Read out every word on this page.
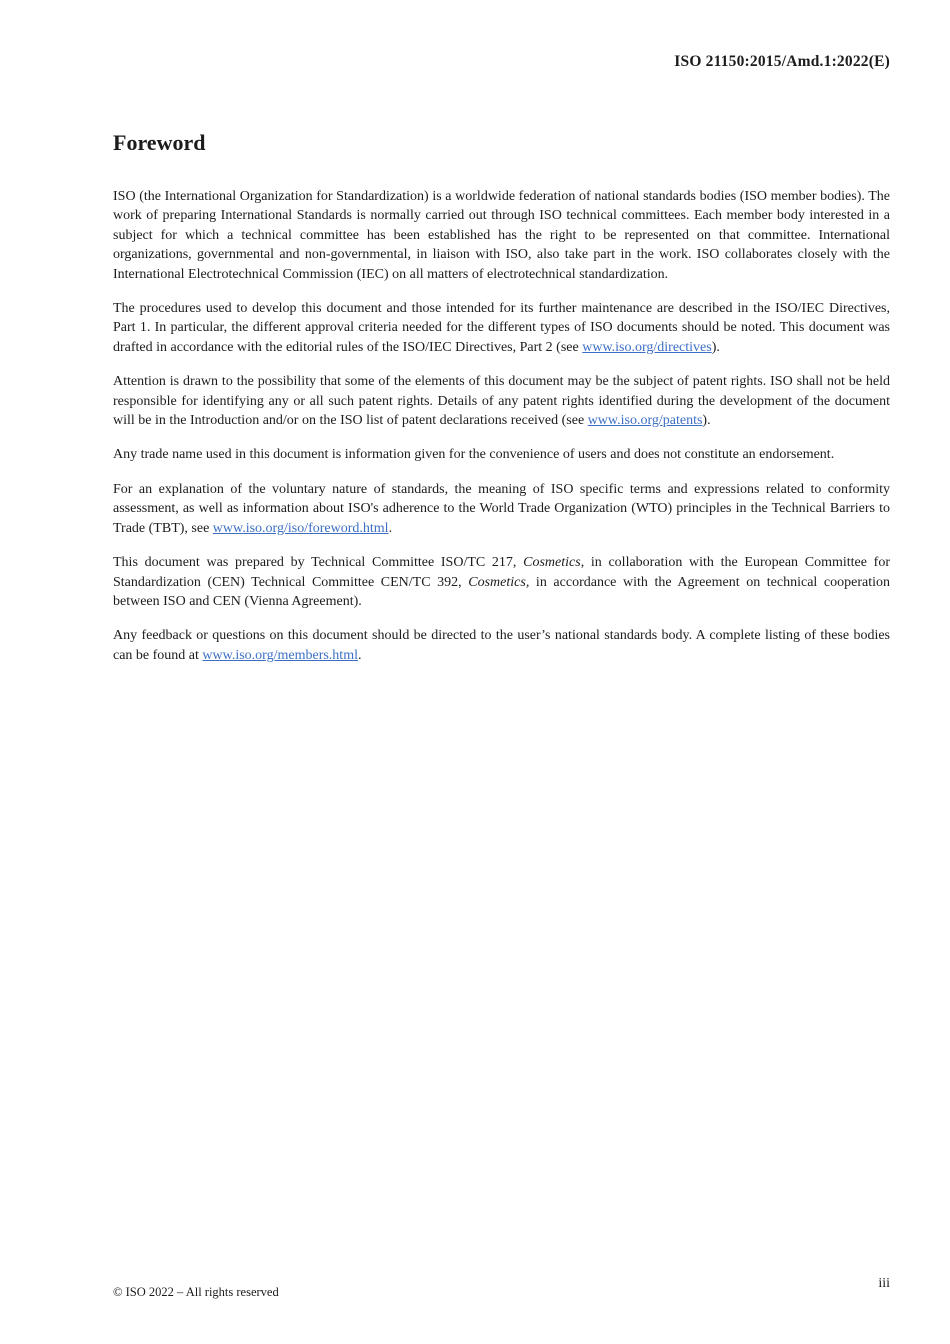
ISO 21150:2015/Amd.1:2022(E)
Foreword

ISO (the International Organization for Standardization) is a worldwide federation of national standards bodies (ISO member bodies). The work of preparing International Standards is normally carried out through ISO technical committees. Each member body interested in a subject for which a technical committee has been established has the right to be represented on that committee. International organizations, governmental and non-governmental, in liaison with ISO, also take part in the work. ISO collaborates closely with the International Electrotechnical Commission (IEC) on all matters of electrotechnical standardization.

The procedures used to develop this document and those intended for its further maintenance are described in the ISO/IEC Directives, Part 1. In particular, the different approval criteria needed for the different types of ISO documents should be noted. This document was drafted in accordance with the editorial rules of the ISO/IEC Directives, Part 2 (see www.iso.org/directives).

Attention is drawn to the possibility that some of the elements of this document may be the subject of patent rights. ISO shall not be held responsible for identifying any or all such patent rights. Details of any patent rights identified during the development of the document will be in the Introduction and/or on the ISO list of patent declarations received (see www.iso.org/patents).

Any trade name used in this document is information given for the convenience of users and does not constitute an endorsement.

For an explanation of the voluntary nature of standards, the meaning of ISO specific terms and expressions related to conformity assessment, as well as information about ISO's adherence to the World Trade Organization (WTO) principles in the Technical Barriers to Trade (TBT), see www.iso.org/iso/foreword.html.

This document was prepared by Technical Committee ISO/TC 217, Cosmetics, in collaboration with the European Committee for Standardization (CEN) Technical Committee CEN/TC 392, Cosmetics, in accordance with the Agreement on technical cooperation between ISO and CEN (Vienna Agreement).

Any feedback or questions on this document should be directed to the user’s national standards body. A complete listing of these bodies can be found at www.iso.org/members.html.

© ISO 2022 – All rights reserved
iii
